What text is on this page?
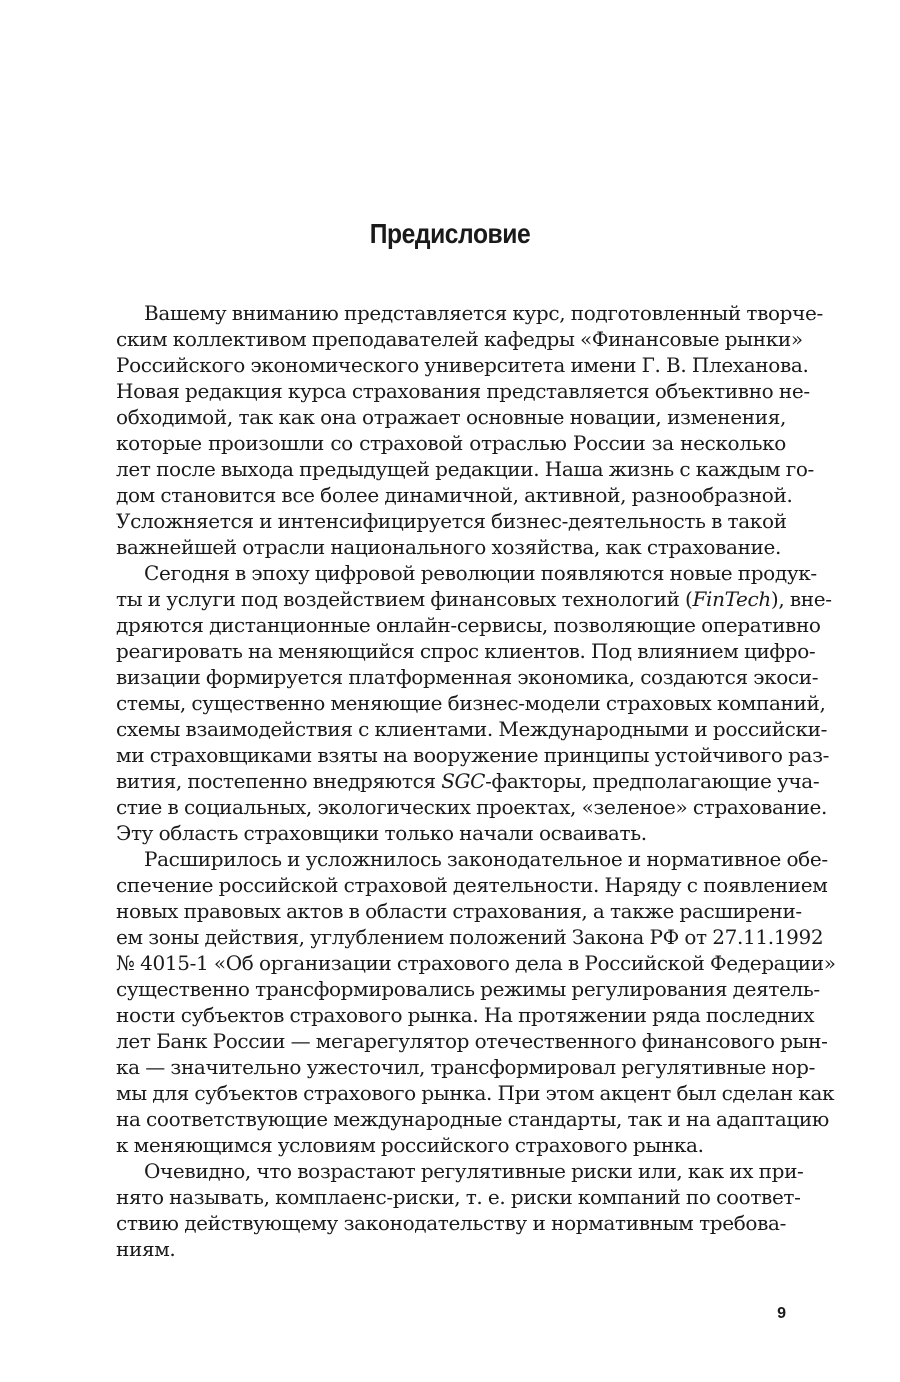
Предисловие
Вашему вниманию представляется курс, подготовленный творче-
ским коллективом преподавателей кафедры «Финансовые рынки»
Российского экономического университета имени Г. В. Плеханова.
Новая редакция курса страхования представляется объективно не-
обходимой, так как она отражает основные новации, изменения,
которые произошли со страховой отраслью России за несколько
лет после выхода предыдущей редакции. Наша жизнь с каждым го-
дом становится все более динамичной, активной, разнообразной.
Усложняется и интенсифицируется бизнес-деятельность в такой
важнейшей отрасли национального хозяйства, как страхование.
Сегодня в эпоху цифровой революции появляются новые продук-
ты и услуги под воздействием финансовых технологий (FinTech), вне-
дряются дистанционные онлайн-сервисы, позволяющие оперативно
реагировать на меняющийся спрос клиентов. Под влиянием цифро-
визации формируется платформенная экономика, создаются экоси-
стемы, существенно меняющие бизнес-модели страховых компаний,
схемы взаимодействия с клиентами. Международными и российски-
ми страховщиками взяты на вооружение принципы устойчивого раз-
вития, постепенно внедряются SGC-факторы, предполагающие уча-
стие в социальных, экологических проектах, «зеленое» страхование.
Эту область страховщики только начали осваивать.
Расширилось и усложнилось законодательное и нормативное обе-
спечение российской страховой деятельности. Наряду с появлением
новых правовых актов в области страхования, а также расширени-
ем зоны действия, углублением положений Закона РФ от 27.11.1992
№ 4015-1 «Об организации страхового дела в Российской Федерации»
существенно трансформировались режимы регулирования деятель-
ности субъектов страхового рынка. На протяжении ряда последних
лет Банк России — мегарегулятор отечественного финансового рын-
ка — значительно ужесточил, трансформировал регулятивные нор-
мы для субъектов страхового рынка. При этом акцент был сделан как
на соответствующие международные стандарты, так и на адаптацию
к меняющимся условиям российского страхового рынка.
Очевидно, что возрастают регулятивные риски или, как их при-
нято называть, комплаенс-риски, т. е. риски компаний по соответ-
ствию действующему законодательству и нормативным требова-
ниям.
9
